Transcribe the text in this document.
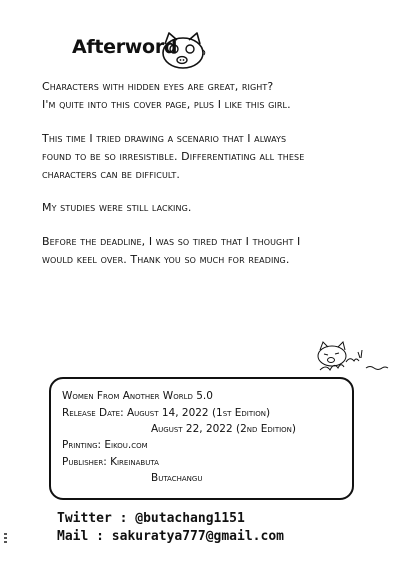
Afterword
Characters with hidden eyes are great, right?
I'm quite into this cover page, plus I like this girl.
This time I tried drawing a scenario that I always
found to be so irresistible. Differentiating all these
characters can be difficult.
My studies were still lacking.
Before the deadline, I was so tired that I thought I
would keel over. Thank you so much for reading.
Women From Another World 5.0
Release Date: August 14, 2022 (1st Edition)
August 22, 2022 (2nd Edition)
Printing: Eikou.com
Publisher: Kireinabuta
Butachangu
Twitter : @butachang1151
Mail : sakuratya777@gmail.com
